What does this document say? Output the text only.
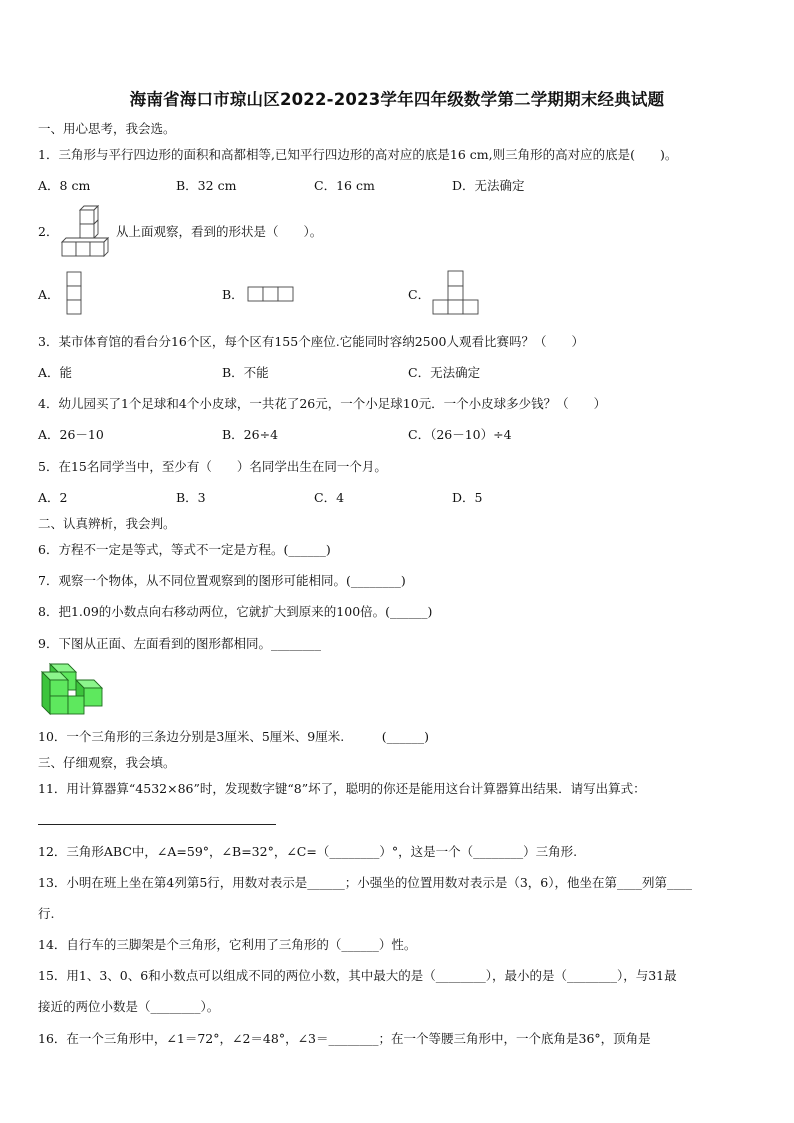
海南省海口市琼山区2022-2023学年四年级数学第二学期期末经典试题
一、用心思考，我会选。
1．三角形与平行四边形的面积和高都相等,已知平行四边形的高对应的底是16 cm,则三角形的高对应的底是(　　)。
A．8 cm	B．32 cm	C．16 cm	D．无法确定
2．	从上面观察，看到的形状是（　　）。
A．	B．	C．
3．某市体育馆的看台分16个区，每个区有155个座位.它能同时容纳2500人观看比赛吗？（　　）
A．能	B．不能	C．无法确定
4．幼儿园买了1个足球和4个小皮球，一共花了26元，一个小足球10元．一个小皮球多少钱？（　　）
A．26－10	B．26÷4	C．（26－10）÷4
5．在15名同学当中，至少有（　　）名同学出生在同一个月。
A．2	B．3	C．4	D．5
二、认真辨析，我会判。
6．方程不一定是等式，等式不一定是方程。(______)
7．观察一个物体，从不同位置观察到的图形可能相同。(________)
8．把1.09的小数点向右移动两位，它就扩大到原来的100倍。(______)
9．下图从正面、左面看到的图形都相同。________
10．一个三角形的三条边分别是3厘米、5厘米、9厘米.　　　(______)
三、仔细观察，我会填。
11．用计算器算“4532×86”时，发现数字键“8”坏了，聪明的你还是能用这台计算器算出结果．请写出算式：
12．三角形ABC中，∠A=59°，∠B=32°，∠C=（________）°，这是一个（________）三角形.
13．小明在班上坐在第4列第5行，用数对表示是______；小强坐的位置用数对表示是（3，6），他坐在第____列第____
行.
14．自行车的三脚架是个三角形，它利用了三角形的（______）性。
15．用1、3、0、6和小数点可以组成不同的两位小数，其中最大的是（________），最小的是（________），与31最
接近的两位小数是（________）。
16．在一个三角形中，∠1＝72°，∠2＝48°，∠3＝________；在一个等腰三角形中，一个底角是36°，顶角是
